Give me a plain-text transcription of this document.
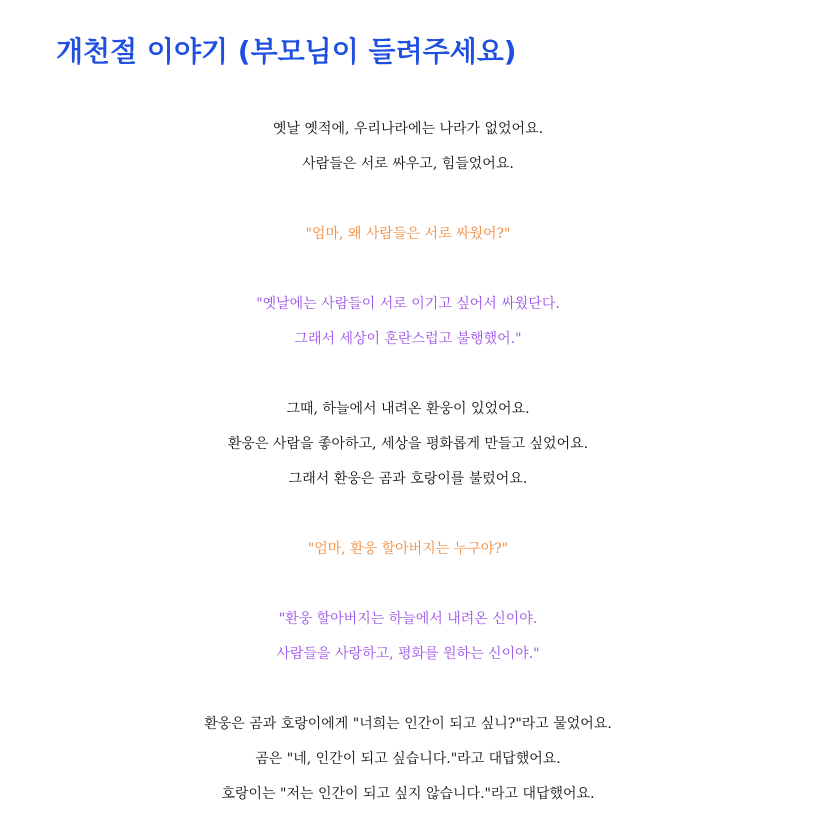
개천절 이야기 (부모님이 들려주세요)
옛날 옛적에, 우리나라에는 나라가 없었어요.
사람들은 서로 싸우고, 힘들었어요.
"엄마, 왜 사람들은 서로 싸웠어?"
"옛날에는 사람들이 서로 이기고 싶어서 싸웠단다.
그래서 세상이 혼란스럽고 불행했어."
그때, 하늘에서 내려온 환웅이 있었어요.
환웅은 사람을 좋아하고, 세상을 평화롭게 만들고 싶었어요.
그래서 환웅은 곰과 호랑이를 불렀어요.
"엄마, 환웅 할아버지는 누구야?"
"환웅 할아버지는 하늘에서 내려온 신이야.
사람들을 사랑하고, 평화를 원하는 신이야."
환웅은 곰과 호랑이에게 "너희는 인간이 되고 싶니?"라고 물었어요.
곰은 "네, 인간이 되고 싶습니다."라고 대답했어요.
호랑이는 "저는 인간이 되고 싶지 않습니다."라고 대답했어요.
